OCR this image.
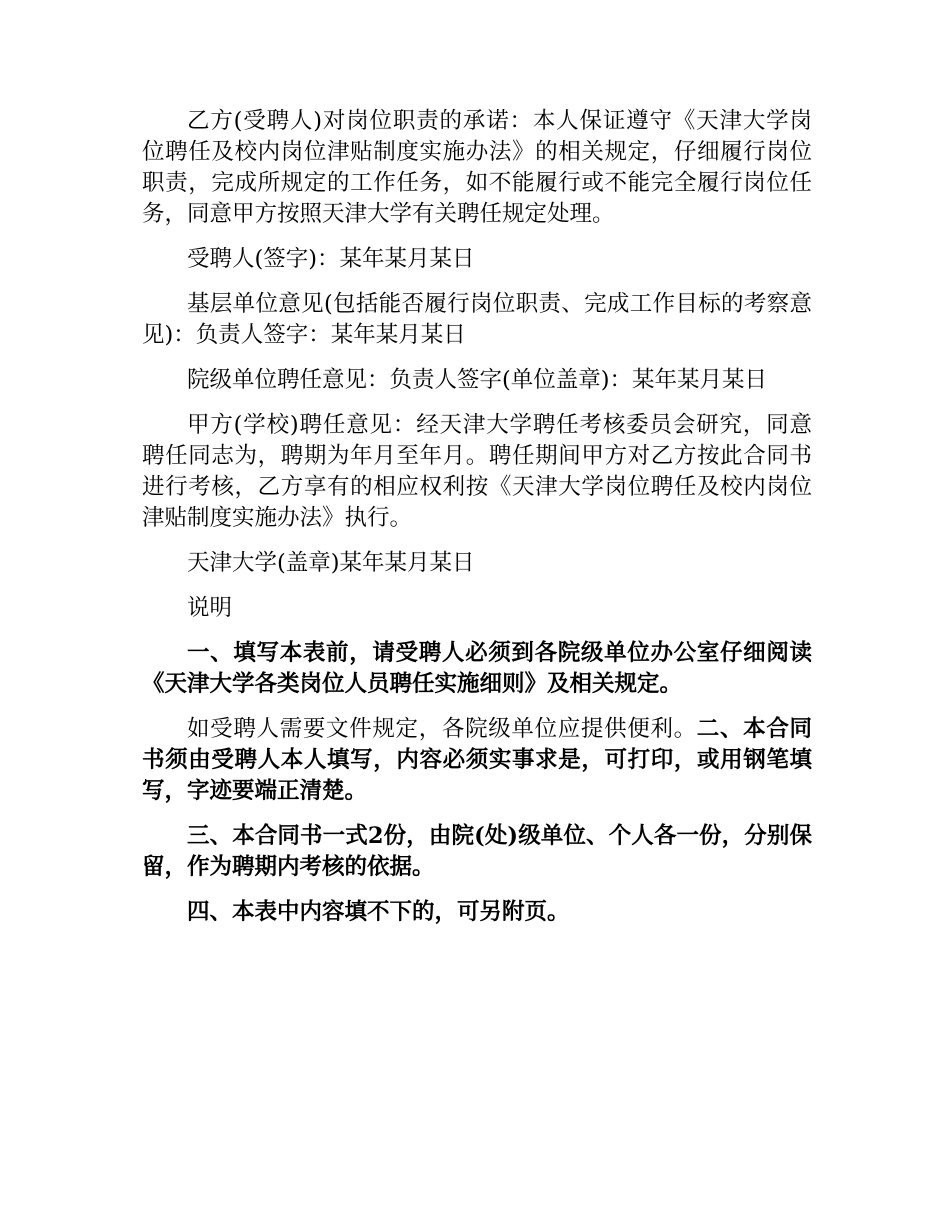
乙方(受聘人)对岗位职责的承诺：本人保证遵守《天津大学岗位聘任及校内岗位津贴制度实施办法》的相关规定，仔细履行岗位职责，完成所规定的工作任务，如不能履行或不能完全履行岗位任务，同意甲方按照天津大学有关聘任规定处理。

受聘人(签字)：某年某月某日

基层单位意见(包括能否履行岗位职责、完成工作目标的考察意见)：负责人签字：某年某月某日

院级单位聘任意见：负责人签字(单位盖章)：某年某月某日

甲方(学校)聘任意见：经天津大学聘任考核委员会研究，同意聘任同志为，聘期为年月至年月。聘任期间甲方对乙方按此合同书进行考核，乙方享有的相应权利按《天津大学岗位聘任及校内岗位津贴制度实施办法》执行。

天津大学(盖章)某年某月某日

说明

一、填写本表前，请受聘人必须到各院级单位办公室仔细阅读《天津大学各类岗位人员聘任实施细则》及相关规定。

如受聘人需要文件规定，各院级单位应提供便利。二、本合同书须由受聘人本人填写，内容必须实事求是，可打印，或用钢笔填写，字迹要端正清楚。

三、本合同书一式2份，由院(处)级单位、个人各一份，分别保留，作为聘期内考核的依据。

四、本表中内容填不下的，可另附页。
